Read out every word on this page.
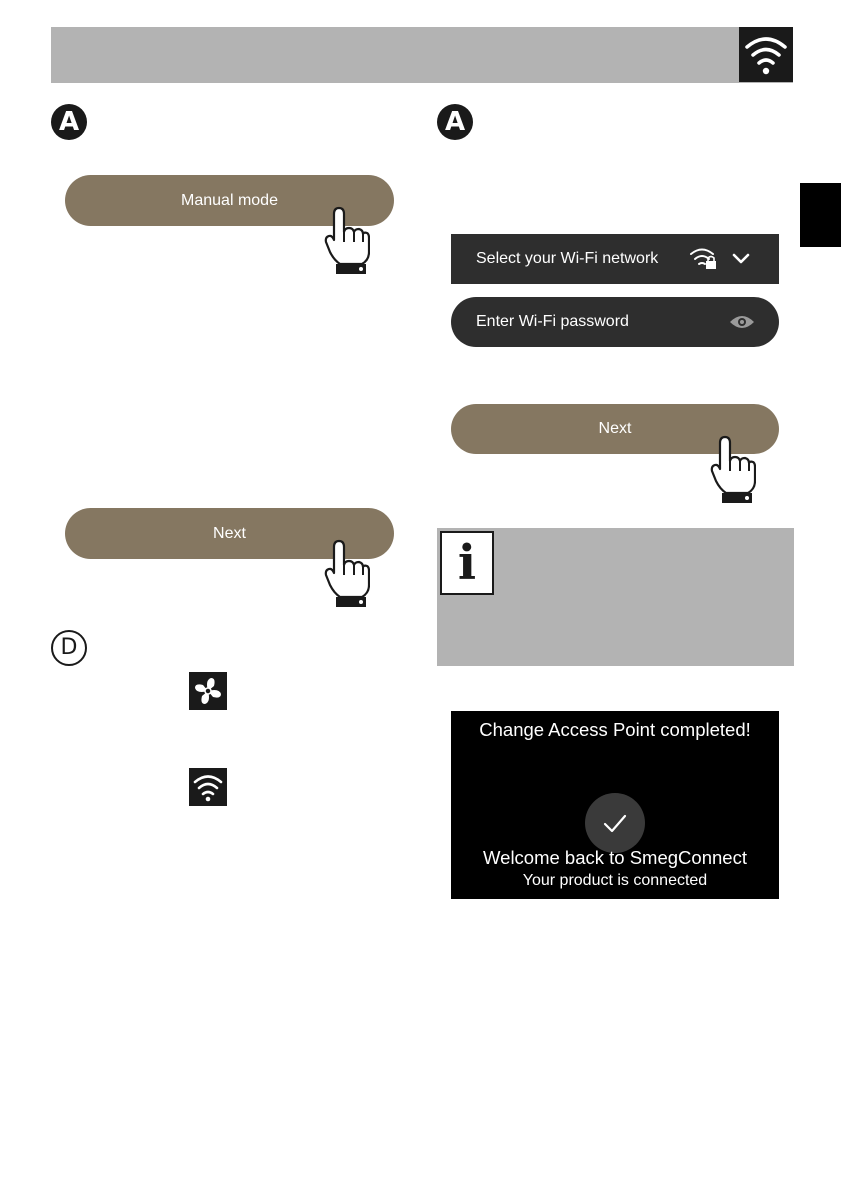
A
Manual mode
Next
D
A
Select your Wi-Fi network
Enter Wi-Fi password
Next
i
Change Access Point completed!
Welcome back to SmegConnect
Your product is connected
